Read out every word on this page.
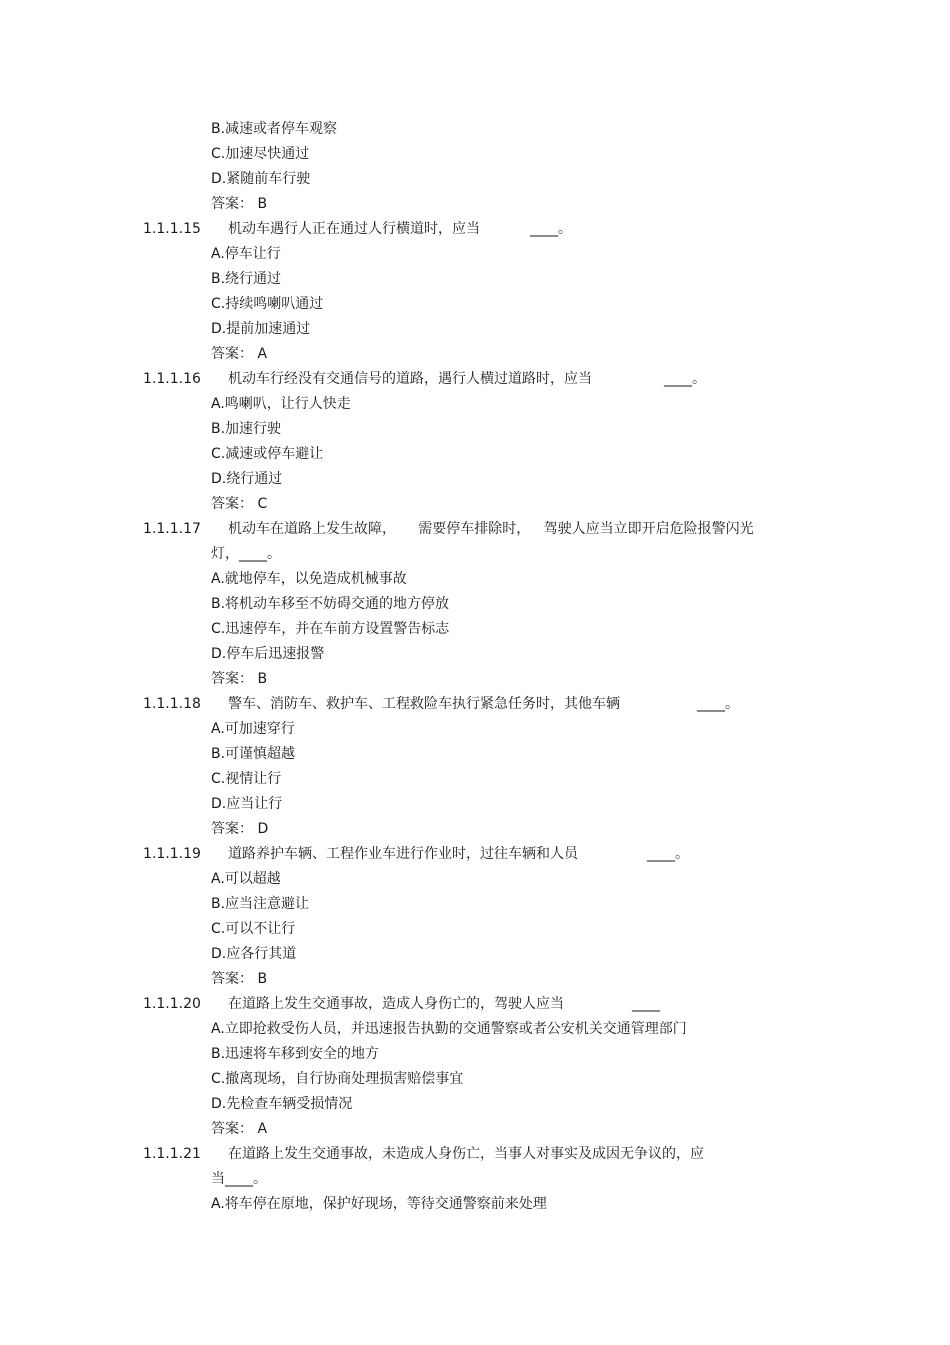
B.减速或者停车观察
C.加速尽快通过
D.紧随前车行驶
答案： B
1.1.1.15 机动车遇行人正在通过人行横道时，应当	____。
A.停车让行
B.绕行通过
C.持续鸣喇叭通过
D.提前加速通过
答案： A
1.1.1.16 机动车行经没有交通信号的道路，遇行人横过道路时，应当	____。
A.鸣喇叭，让行人快走
B.加速行驶
C.减速或停车避让
D.绕行通过
答案： C
1.1.1.17 机动车在道路上发生故障，     需要停车排除时，   驾驶人应当立即开启危险报警闪光
灯，____。
A.就地停车，以免造成机械事故
B.将机动车移至不妨碍交通的地方停放
C.迅速停车，并在车前方设置警告标志
D.停车后迅速报警
答案： B
1.1.1.18 警车、消防车、救护车、工程救险车执行紧急任务时，其他车辆	____。
A.可加速穿行
B.可谨慎超越
C.视情让行
D.应当让行
答案： D
1.1.1.19 道路养护车辆、工程作业车进行作业时，过往车辆和人员	____。
A.可以超越
B.应当注意避让
C.可以不让行
D.应各行其道
答案： B
1.1.1.20 在道路上发生交通事故，造成人身伤亡的，驾驶人应当	____
A.立即抢救受伤人员，并迅速报告执勤的交通警察或者公安机关交通管理部门
B.迅速将车移到安全的地方
C.撤离现场，自行协商处理损害赔偿事宜
D.先检查车辆受损情况
答案： A
1.1.1.21 在道路上发生交通事故，未造成人身伤亡，当事人对事实及成因无争议的，应
当____。
A.将车停在原地，保护好现场，等待交通警察前来处理
